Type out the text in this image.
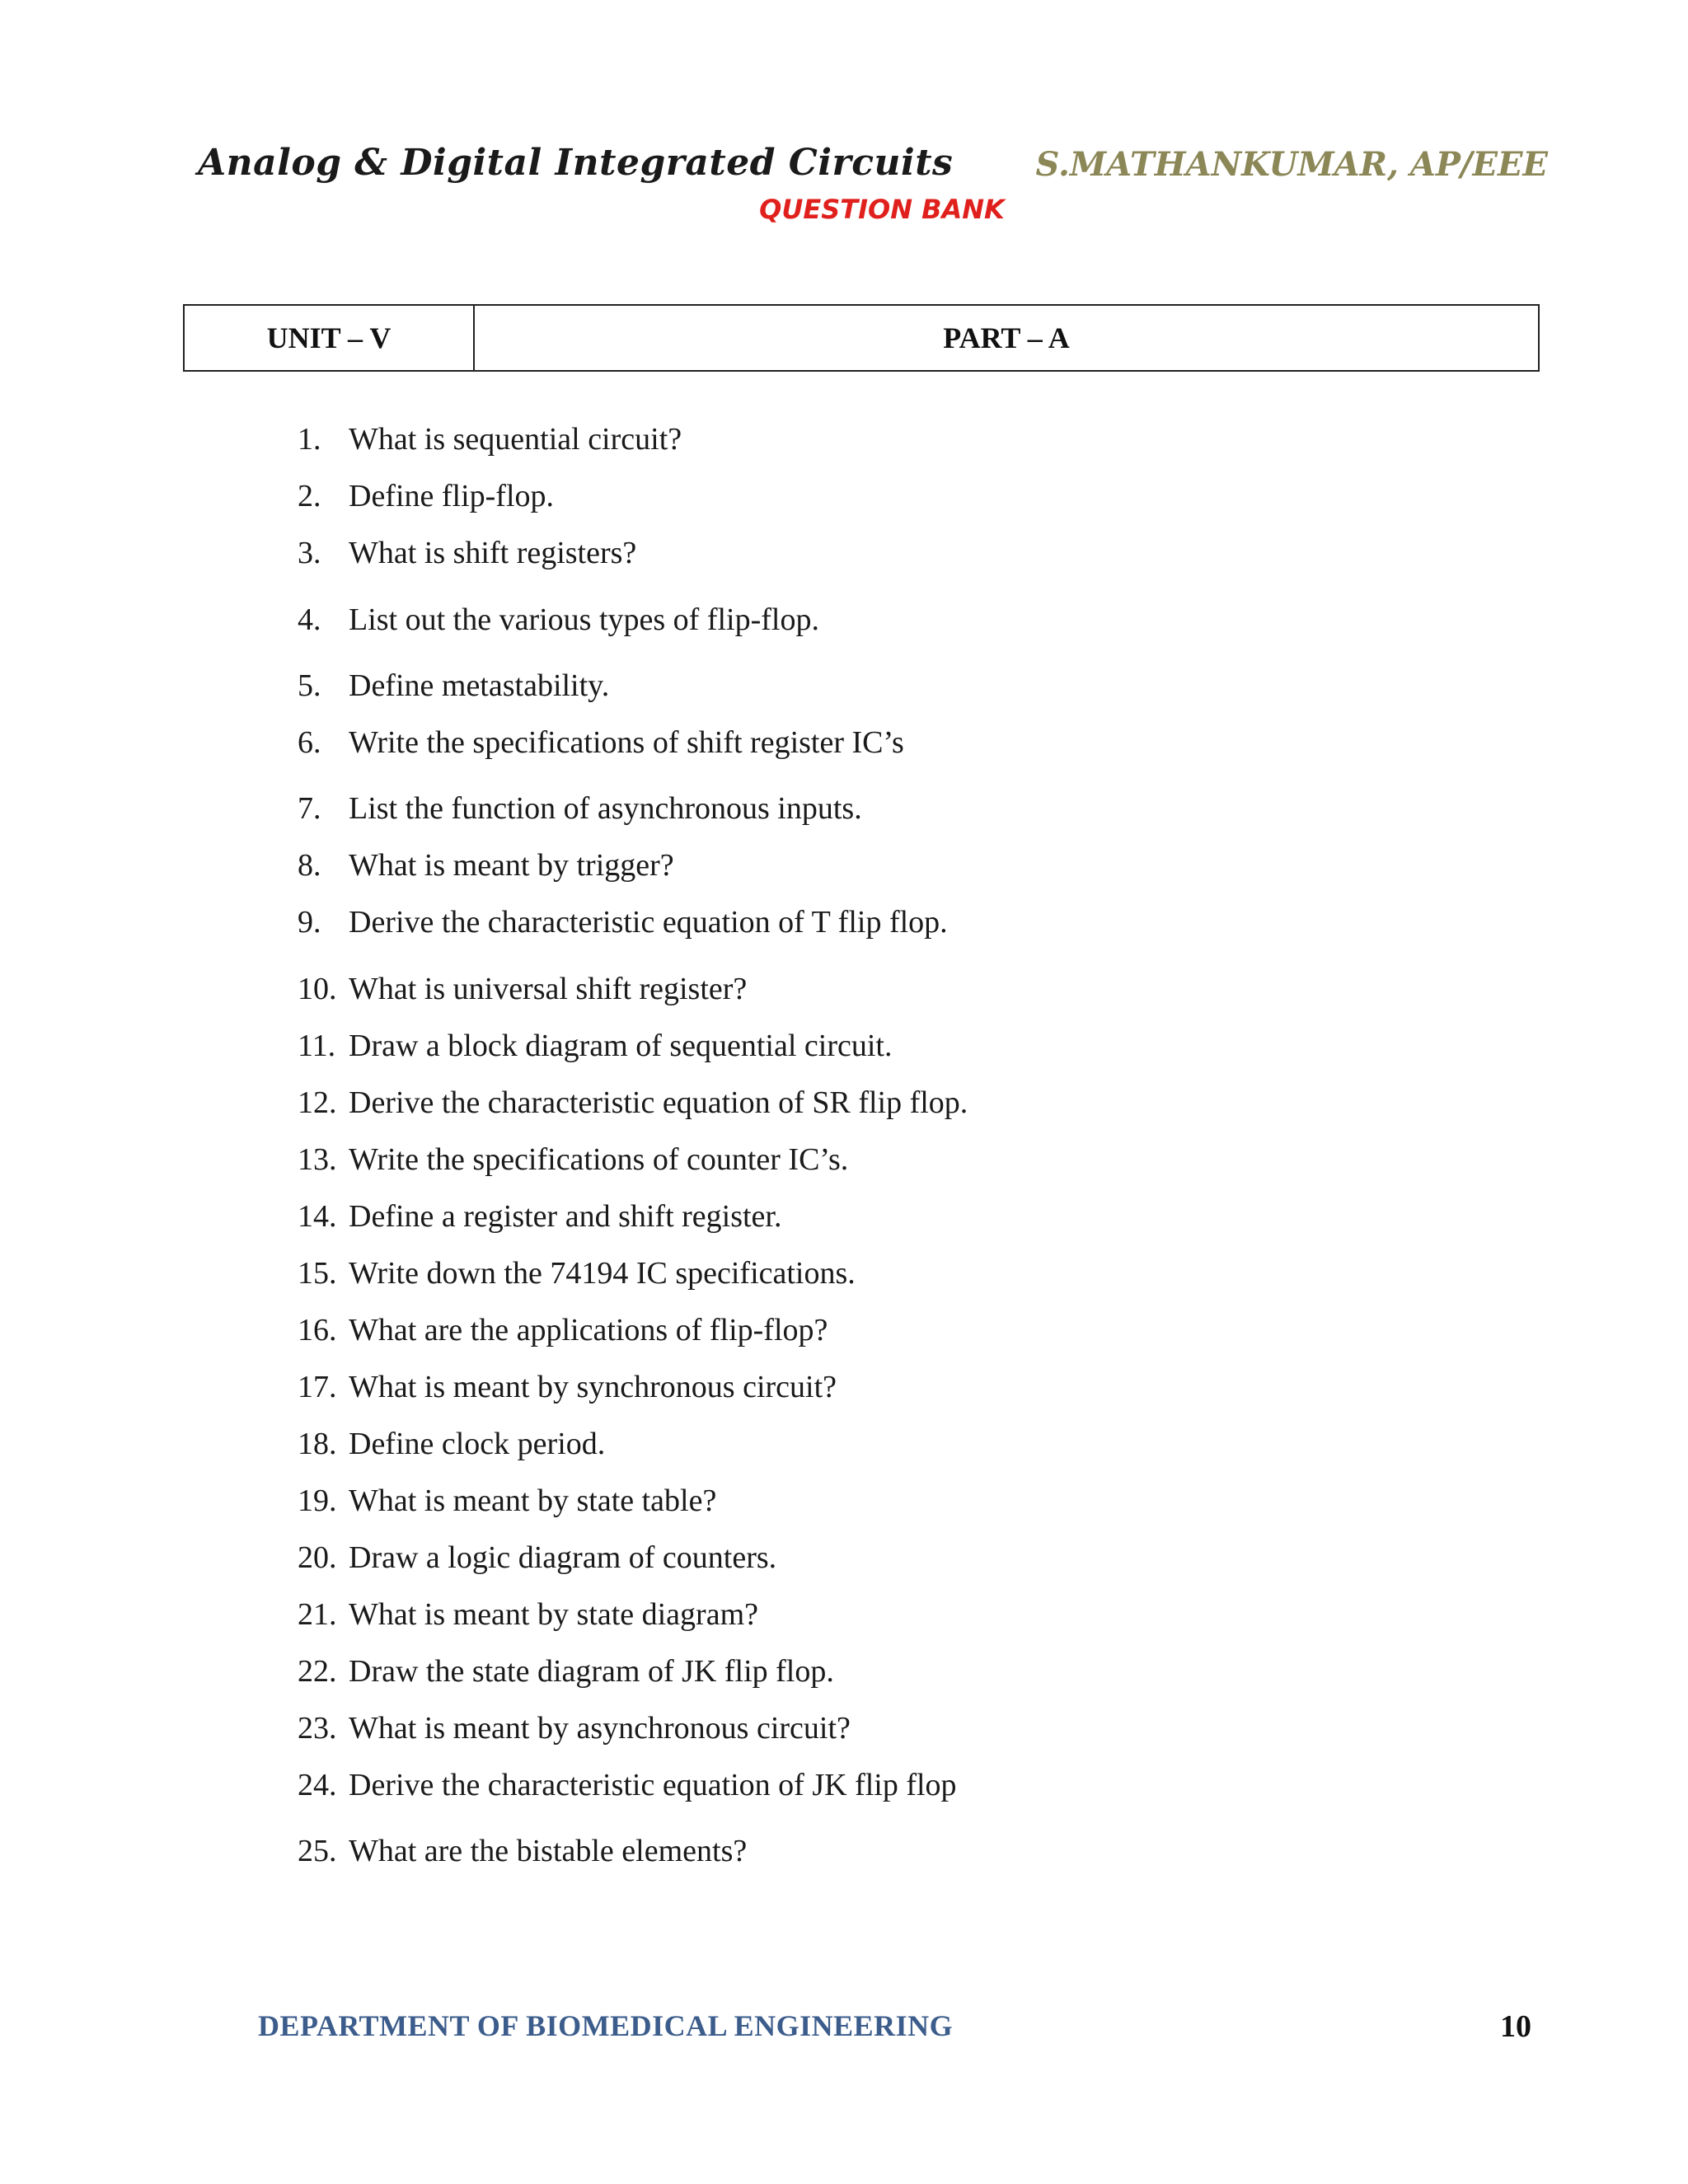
Analog & Digital Integrated Circuits	S.MATHANKUMAR, AP/EEE
QUESTION BANK
UNIT – V	PART – A
1. What is sequential circuit?
2. Define flip-flop.
3. What is shift registers?
4. List out the various types of flip-flop.
5. Define metastability.
6. Write the specifications of shift register IC’s
7. List the function of asynchronous inputs.
8. What is meant by trigger?
9. Derive the characteristic equation of T flip flop.
10. What is universal shift register?
11. Draw a block diagram of sequential circuit.
12. Derive the characteristic equation of SR flip flop.
13. Write the specifications of counter IC’s.
14. Define a register and shift register.
15. Write down the 74194 IC specifications.
16. What are the applications of flip-flop?
17. What is meant by synchronous circuit?
18. Define clock period.
19. What is meant by state table?
20. Draw a logic diagram of counters.
21. What is meant by state diagram?
22. Draw the state diagram of JK flip flop.
23. What is meant by asynchronous circuit?
24. Derive the characteristic equation of JK flip flop
25. What are the bistable elements?
DEPARTMENT OF BIOMEDICAL ENGINEERING	10
